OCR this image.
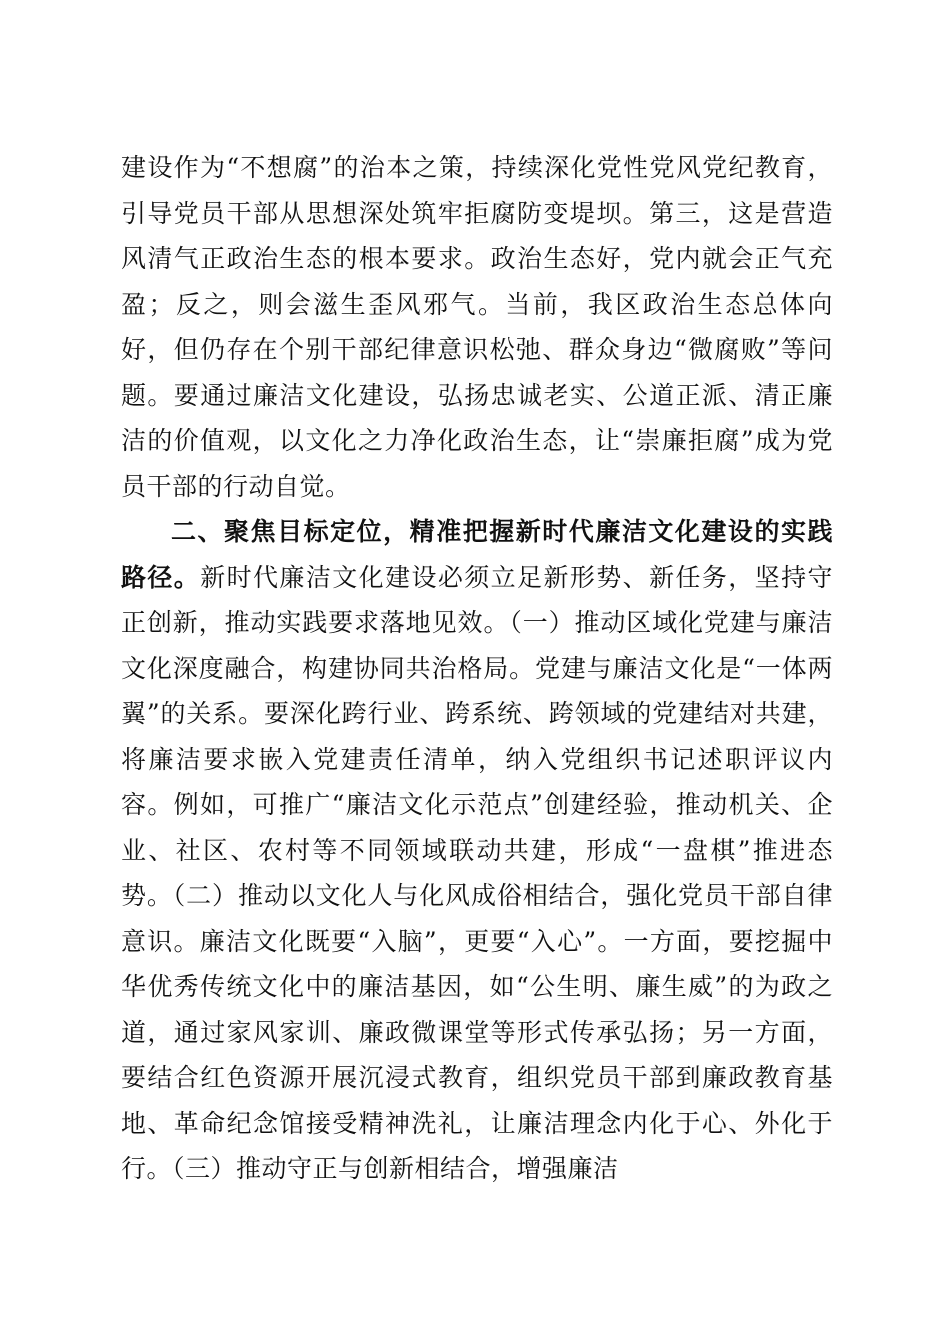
建设作为“不想腐”的治本之策，持续深化党性党风党纪教育，引导党员干部从思想深处筑牢拒腐防变堤坝。第三，这是营造风清气正政治生态的根本要求。政治生态好，党内就会正气充盈；反之，则会滋生歪风邪气。当前，我区政治生态总体向好，但仍存在个别干部纪律意识松弛、群众身边“微腐败”等问题。要通过廉洁文化建设，弘扬忠诚老实、公道正派、清正廉洁的价值观，以文化之力净化政治生态，让“崇廉拒腐”成为党员干部的行动自觉。

二、聚焦目标定位，精准把握新时代廉洁文化建设的实践路径。新时代廉洁文化建设必须立足新形势、新任务，坚持守正创新，推动实践要求落地见效。（一）推动区域化党建与廉洁文化深度融合，构建协同共治格局。党建与廉洁文化是“一体两翼”的关系。要深化跨行业、跨系统、跨领域的党建结对共建，将廉洁要求嵌入党建责任清单，纳入党组织书记述职评议内容。例如，可推广“廉洁文化示范点”创建经验，推动机关、企业、社区、农村等不同领域联动共建，形成“一盘棋”推进态势。（二）推动以文化人与化风成俗相结合，强化党员干部自律意识。廉洁文化既要“入脑”，更要“入心”。一方面，要挖掘中华优秀传统文化中的廉洁基因，如“公生明、廉生威”的为政之道，通过家风家训、廉政微课堂等形式传承弘扬；另一方面，要结合红色资源开展沉浸式教育，组织党员干部到廉政教育基地、革命纪念馆接受精神洗礼，让廉洁理念内化于心、外化于行。（三）推动守正与创新相结合，增强廉洁
